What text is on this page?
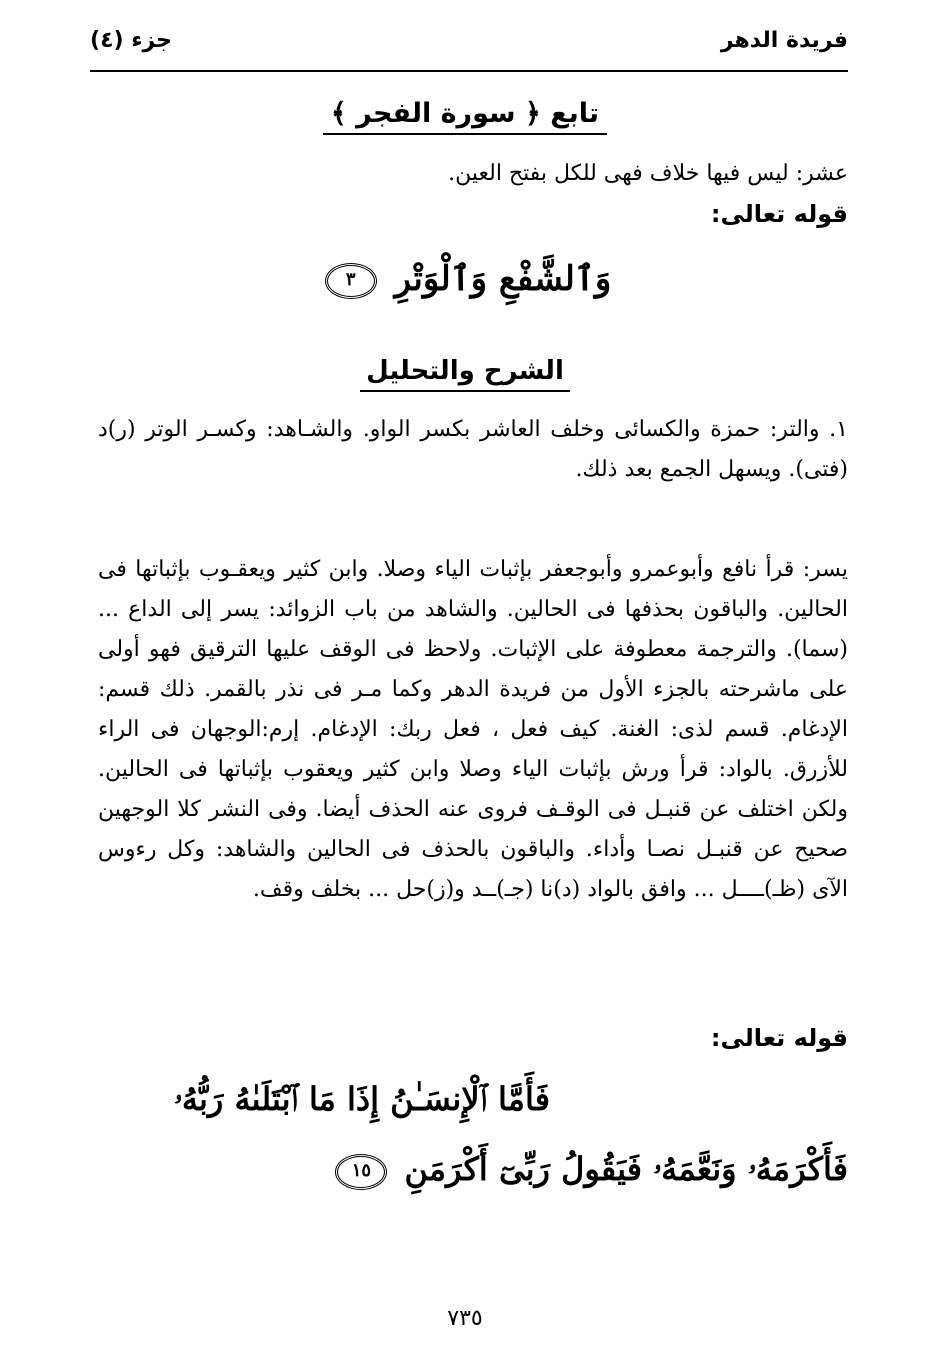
فريدة الدهر
جزء (٤)
تابع ﴿ سورة الفجر ﴾
عشر: ليس فيها خلاف فهى للكل بفتح العين.
قوله تعالى:
وَٱلشَّفْعِ وَٱلْوَتْرِ ٣
الشرح والتحليل
١. والتر: حمزة والكسائى وخلف العاشر بكسر الواو. والشـاهد: وكسـر الوتر (ر)د (فتى). ويسهل الجمع بعد ذلك.
يسر: قرأ نافع وأبوعمرو وأبوجعفر بإثبات الياء وصلا. وابن كثير ويعقـوب بإثباتها فى الحالين. والباقون بحذفها فى الحالين. والشاهد من باب الزوائد: يسر إلى الداع ... (سما). والترجمة معطوفة على الإثبات. ولاحظ فى الوقف عليها الترقيق فهو أولى على ماشرحته بالجزء الأول من فريدة الدهر وكما مـر فى نذر بالقمر. ذلك قسم: الإدغام. قسم لذى: الغنة. كيف فعل ، فعل ربك: الإدغام. إرم:الوجهان فى الراء للأزرق. بالواد: قرأ ورش بإثبات الياء وصلا وابن كثير ويعقوب بإثباتها فى الحالين. ولكن اختلف عن قنبـل فى الوقـف فروى عنه الحذف أيضا. وفى النشر كلا الوجهين صحيح عن قنبـل نصـا وأداء. والباقون بالحذف فى الحالين والشاهد: وكل رءوس الآى (ظـ)ــــل ... وافق بالواد (د)نا (جـ)ــد و(ز)حل ... بخلف وقف.
قوله تعالى:
فَأَمَّا ٱلْإِنسَـٰنُ إِذَا مَا ٱبْتَلَىٰهُ رَبُّهُۥ
فَأَكْرَمَهُۥ وَنَعَّمَهُۥ فَيَقُولُ رَبِّىٓ أَكْرَمَنِ ١٥
٧٣٥
